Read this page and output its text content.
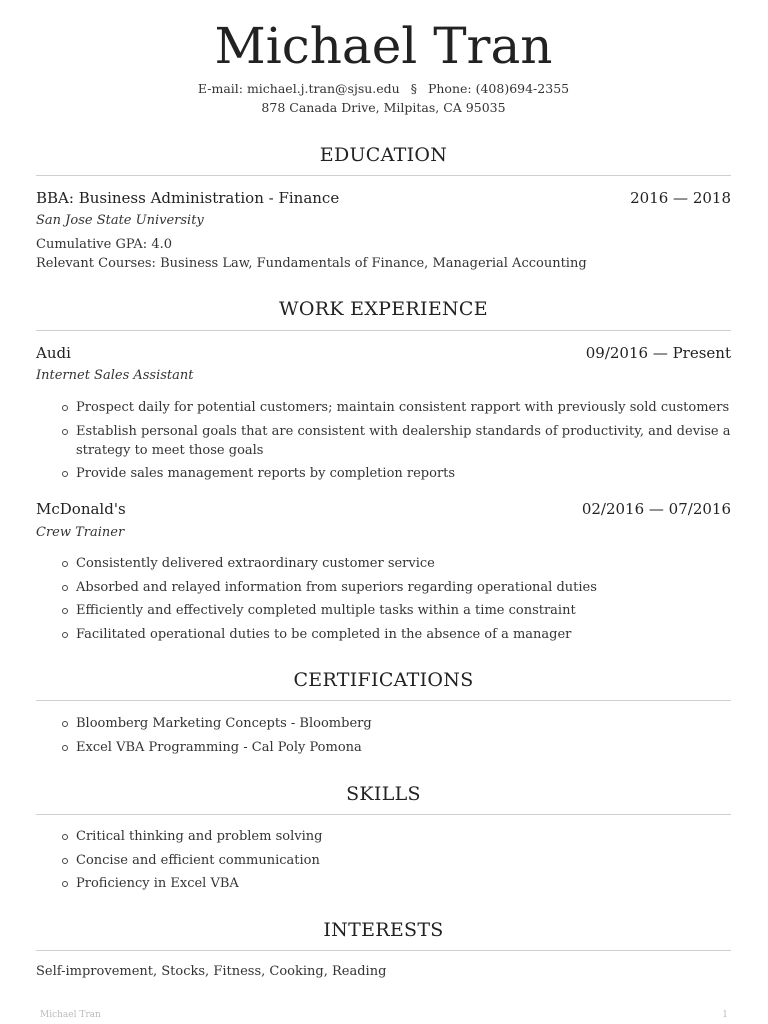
Michael Tran
E-mail: michael.j.tran@sjsu.edu § Phone: (408)694-2355
878 Canada Drive, Milpitas, CA 95035
EDUCATION
BBA: Business Administration - Finance	2016 — 2018
San Jose State University
Cumulative GPA: 4.0
Relevant Courses: Business Law, Fundamentals of Finance, Managerial Accounting
WORK EXPERIENCE
Audi	09/2016 — Present
Internet Sales Assistant
Prospect daily for potential customers; maintain consistent rapport with previously sold customers
Establish personal goals that are consistent with dealership standards of productivity, and devise a strategy to meet those goals
Provide sales management reports by completion reports
McDonald's	02/2016 — 07/2016
Crew Trainer
Consistently delivered extraordinary customer service
Absorbed and relayed information from superiors regarding operational duties
Efficiently and effectively completed multiple tasks within a time constraint
Facilitated operational duties to be completed in the absence of a manager
CERTIFICATIONS
Bloomberg Marketing Concepts - Bloomberg
Excel VBA Programming - Cal Poly Pomona
SKILLS
Critical thinking and problem solving
Concise and efficient communication
Proficiency in Excel VBA
INTERESTS
Self-improvement, Stocks, Fitness, Cooking, Reading
Michael Tran	1
